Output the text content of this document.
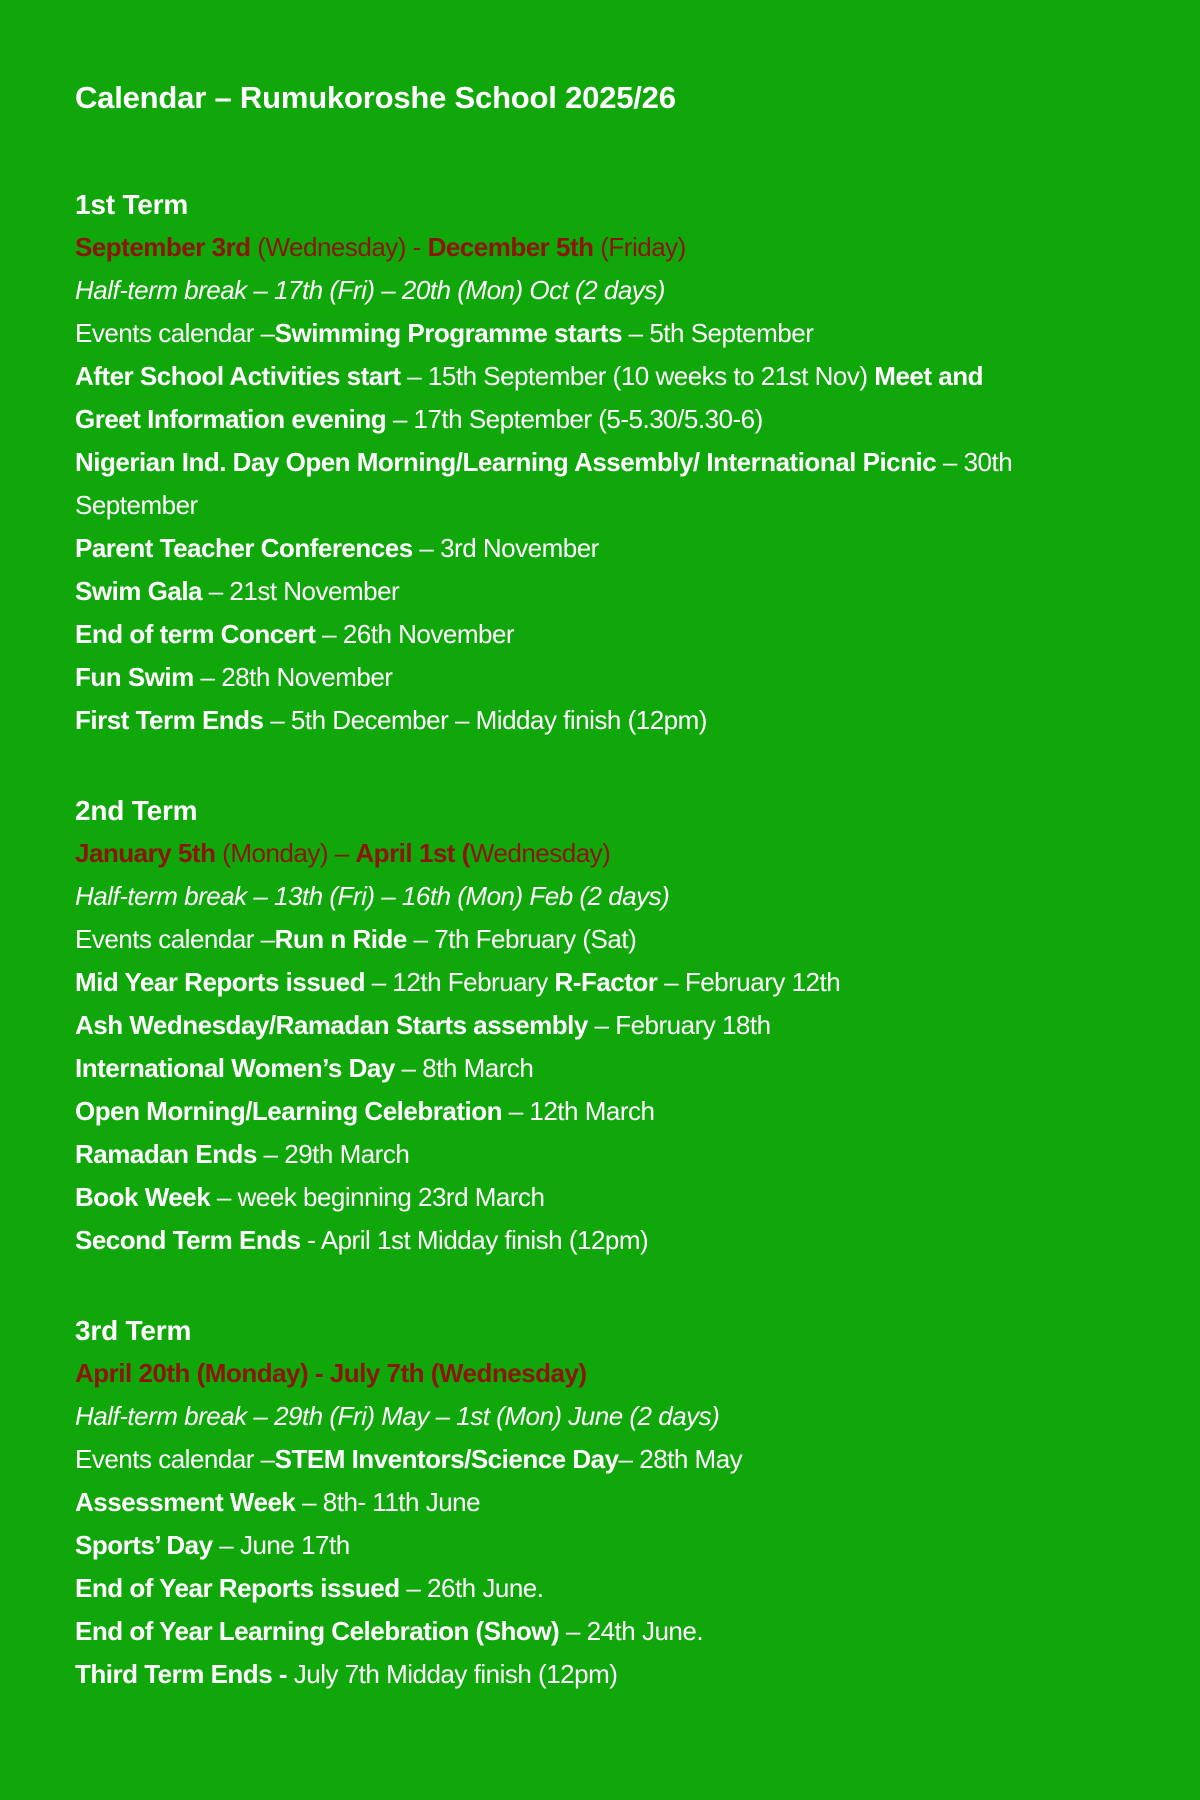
Calendar – Rumukoroshe School 2025/26
1st Term

September 3rd (Wednesday) - December 5th (Friday)

Half-term break – 17th (Fri) – 20th (Mon) Oct (2 days)

Events calendar –Swimming Programme starts – 5th September

After School Activities start – 15th September (10 weeks to 21st Nov) Meet and Greet Information evening – 17th September (5-5.30/5.30-6)

Nigerian Ind. Day Open Morning/Learning Assembly/ International Picnic – 30th September

Parent Teacher Conferences – 3rd November

Swim Gala – 21st November

End of term Concert – 26th November

Fun Swim – 28th November

First Term Ends – 5th December – Midday finish (12pm)

2nd Term

January 5th (Monday) – April 1st (Wednesday)

Half-term break – 13th (Fri) – 16th (Mon) Feb (2 days)

Events calendar –Run n Ride – 7th February (Sat)

Mid Year Reports issued – 12th February R-Factor – February 12th

Ash Wednesday/Ramadan Starts assembly – February 18th

International Women’s Day – 8th March

Open Morning/Learning Celebration – 12th March

Ramadan Ends – 29th March

Book Week – week beginning 23rd March

Second Term Ends - April 1st Midday finish (12pm)

3rd Term

April 20th (Monday) - July 7th (Wednesday)

Half-term break – 29th (Fri) May – 1st (Mon) June (2 days)

Events calendar –STEM Inventors/Science Day– 28th May

Assessment Week – 8th- 11th June

Sports’ Day – June 17th

End of Year Reports issued – 26th June.

End of Year Learning Celebration (Show) – 24th June.

Third Term Ends - July 7th Midday finish (12pm)
